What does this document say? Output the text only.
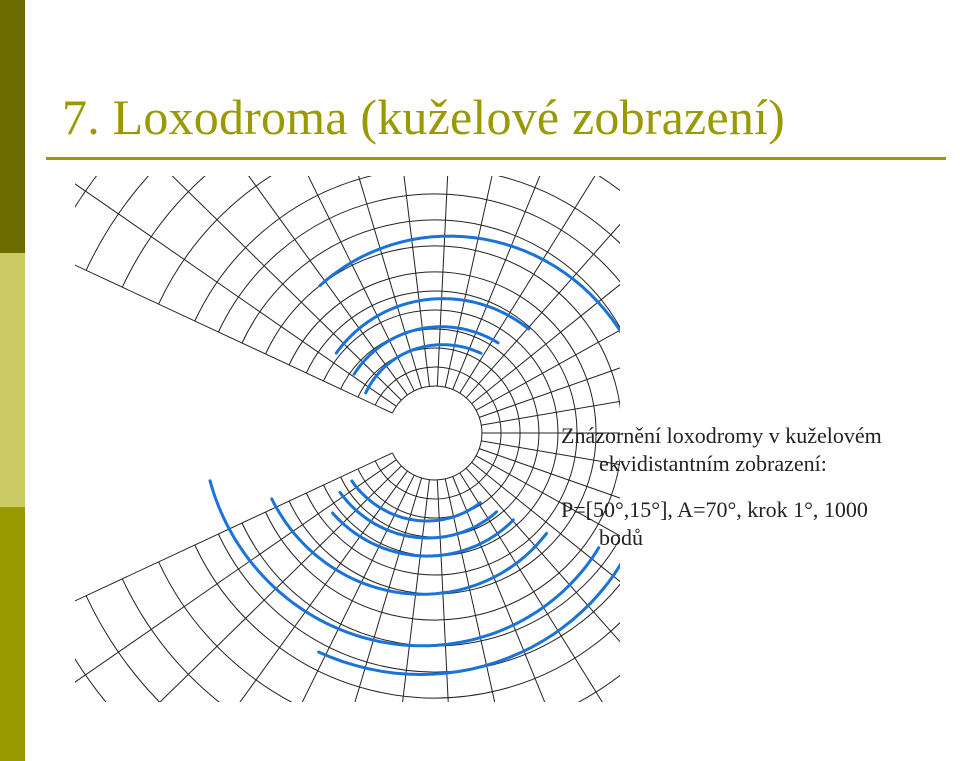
7. Loxodroma (kuželové zobrazení)
Znázornění loxodromy v kuželovém
ekvidistantním zobrazení:
P=[50°,15°], A=70°, krok 1°, 1000
bodů
